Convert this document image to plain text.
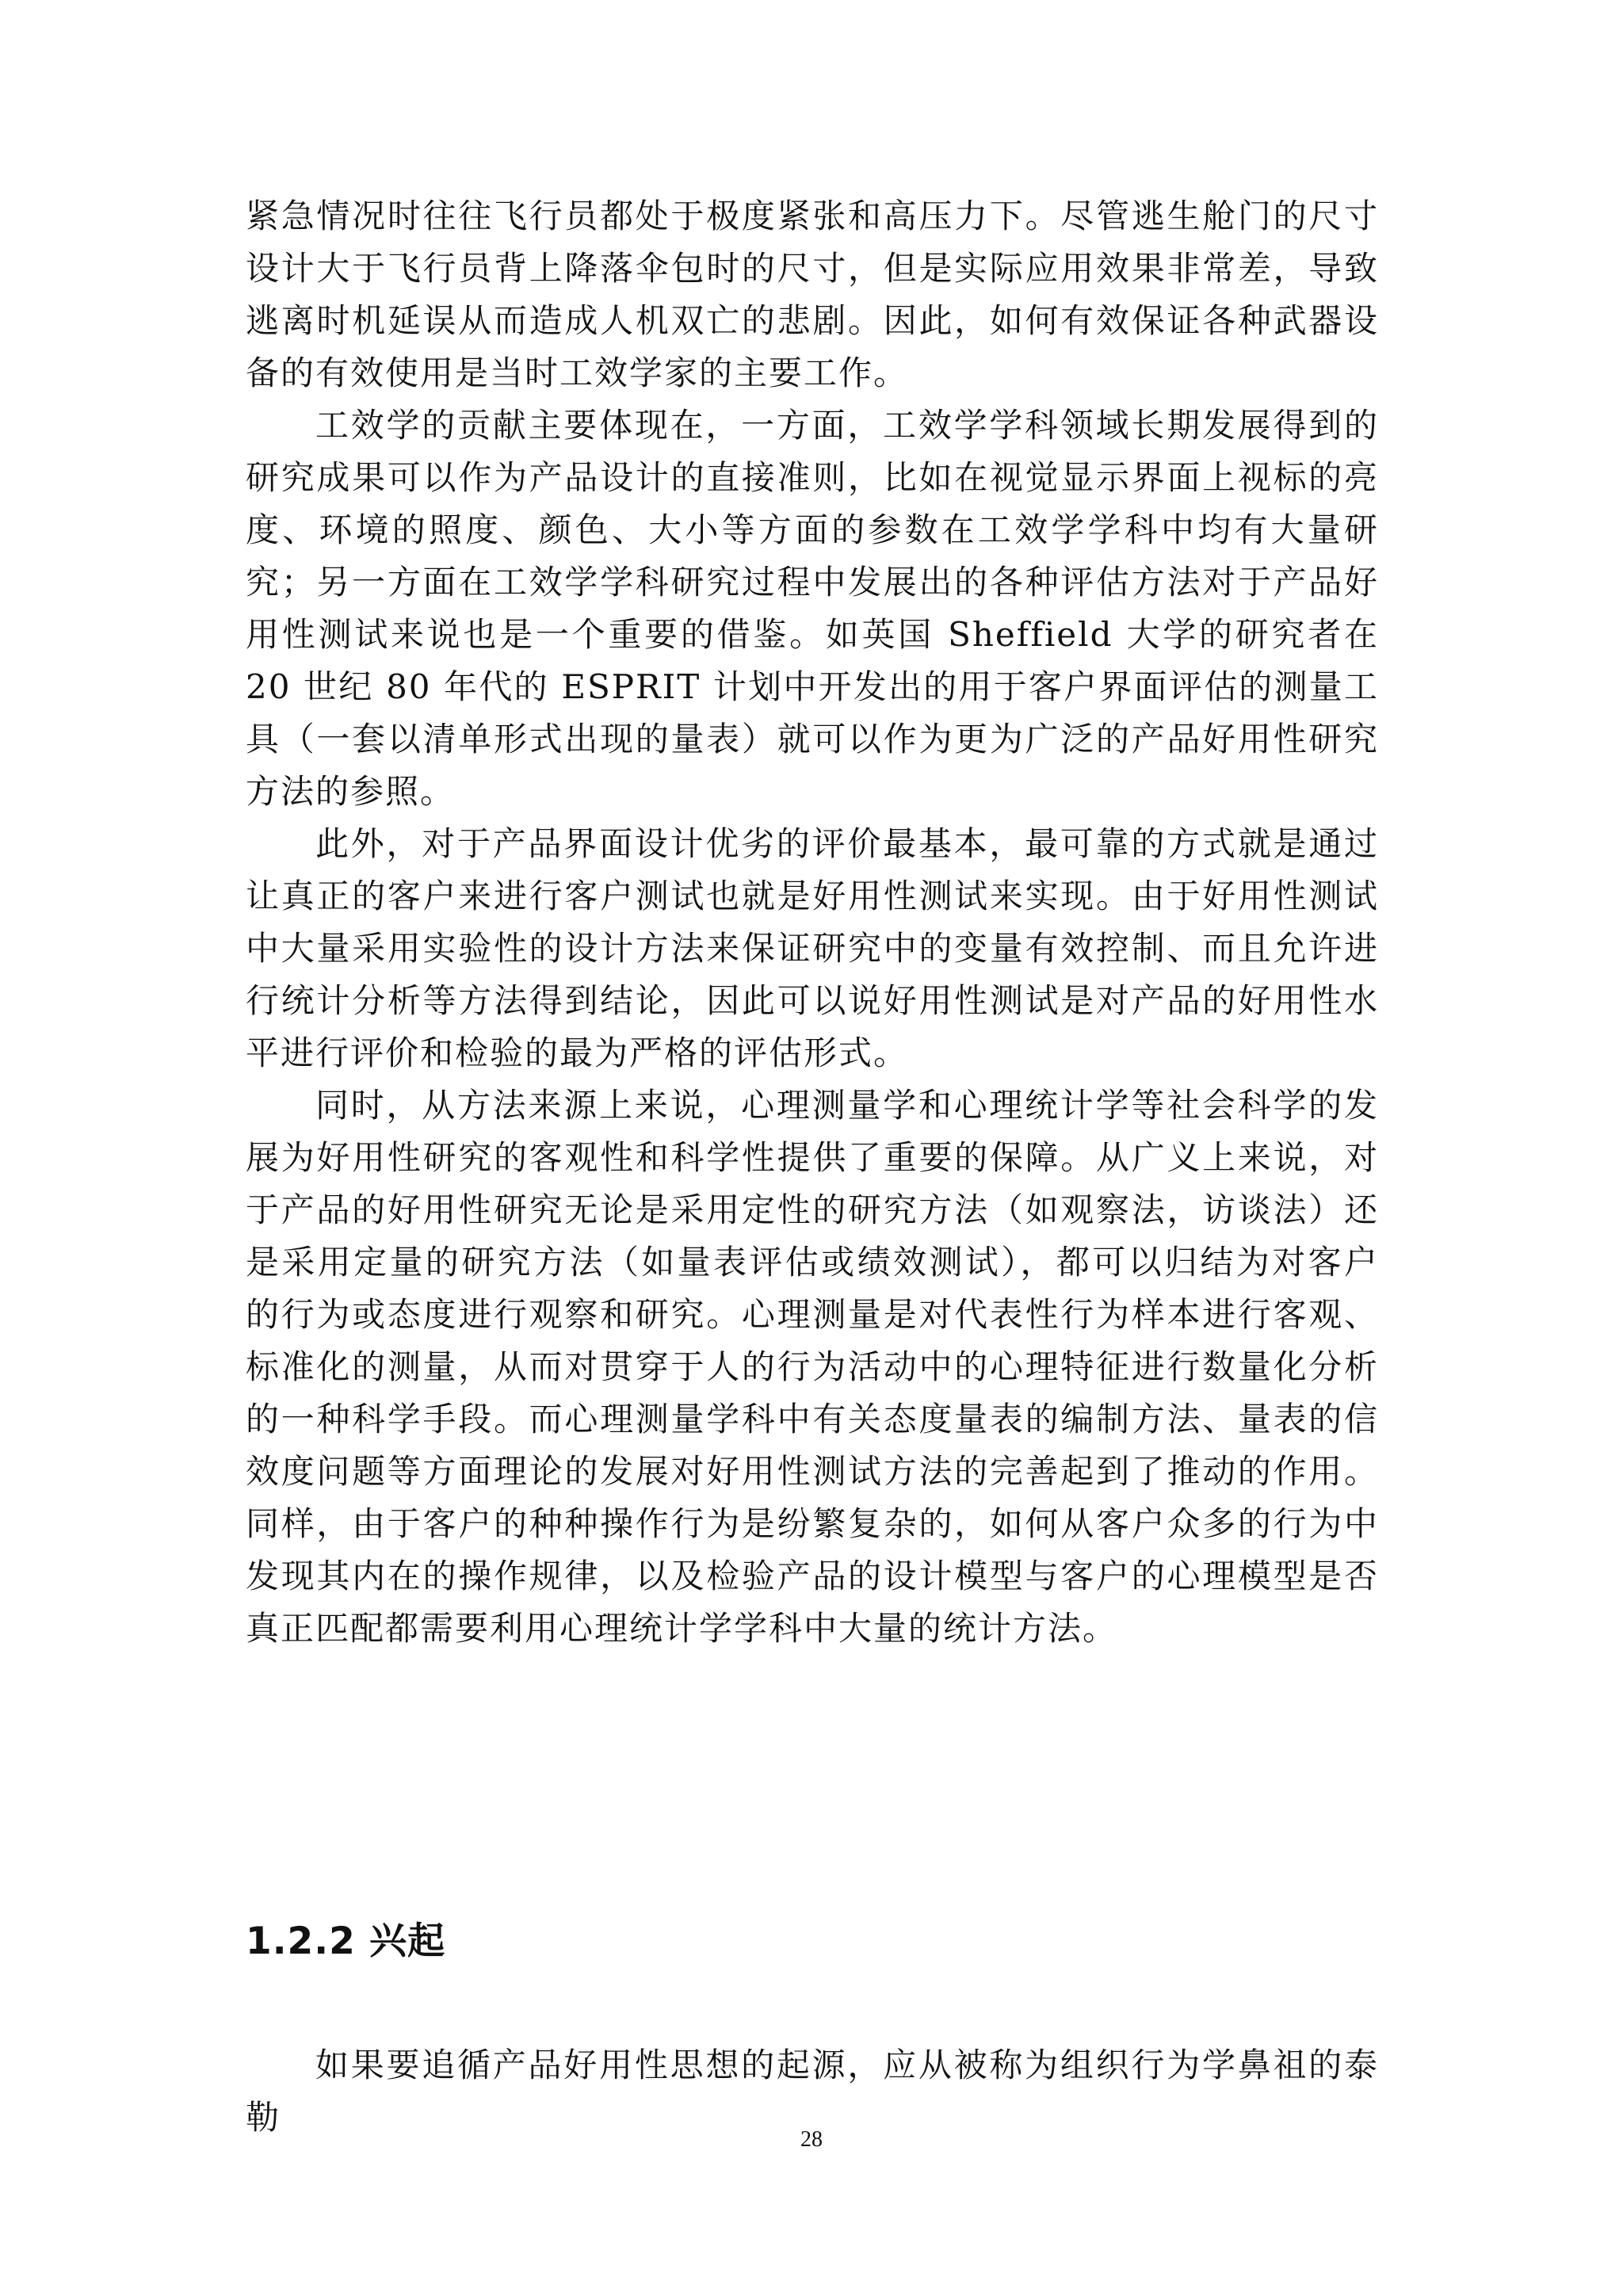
紧急情况时往往飞行员都处于极度紧张和高压力下。尽管逃生舱门的尺寸设计大于飞行员背上降落伞包时的尺寸，但是实际应用效果非常差，导致逃离时机延误从而造成人机双亡的悲剧。因此，如何有效保证各种武器设备的有效使用是当时工效学家的主要工作。

工效学的贡献主要体现在，一方面，工效学学科领域长期发展得到的研究成果可以作为产品设计的直接准则，比如在视觉显示界面上视标的亮度、环境的照度、颜色、大小等方面的参数在工效学学科中均有大量研究；另一方面在工效学学科研究过程中发展出的各种评估方法对于产品好用性测试来说也是一个重要的借鉴。如英国 Sheffield 大学的研究者在 20 世纪 80 年代的 ESPRIT 计划中开发出的用于客户界面评估的测量工具（一套以清单形式出现的量表）就可以作为更为广泛的产品好用性研究方法的参照。

此外，对于产品界面设计优劣的评价最基本，最可靠的方式就是通过让真正的客户来进行客户测试也就是好用性测试来实现。由于好用性测试中大量采用实验性的设计方法来保证研究中的变量有效控制、而且允许进行统计分析等方法得到结论，因此可以说好用性测试是对产品的好用性水平进行评价和检验的最为严格的评估形式。

同时，从方法来源上来说，心理测量学和心理统计学等社会科学的发展为好用性研究的客观性和科学性提供了重要的保障。从广义上来说，对于产品的好用性研究无论是采用定性的研究方法（如观察法，访谈法）还是采用定量的研究方法（如量表评估或绩效测试），都可以归结为对客户的行为或态度进行观察和研究。心理测量是对代表性行为样本进行客观、标准化的测量，从而对贯穿于人的行为活动中的心理特征进行数量化分析的一种科学手段。而心理测量学科中有关态度量表的编制方法、量表的信效度问题等方面理论的发展对好用性测试方法的完善起到了推动的作用。同样，由于客户的种种操作行为是纷繁复杂的，如何从客户众多的行为中发现其内在的操作规律，以及检验产品的设计模型与客户的心理模型是否真正匹配都需要利用心理统计学学科中大量的统计方法。

1.2.2 兴起

如果要追循产品好用性思想的起源，应从被称为组织行为学鼻祖的泰勒

28
